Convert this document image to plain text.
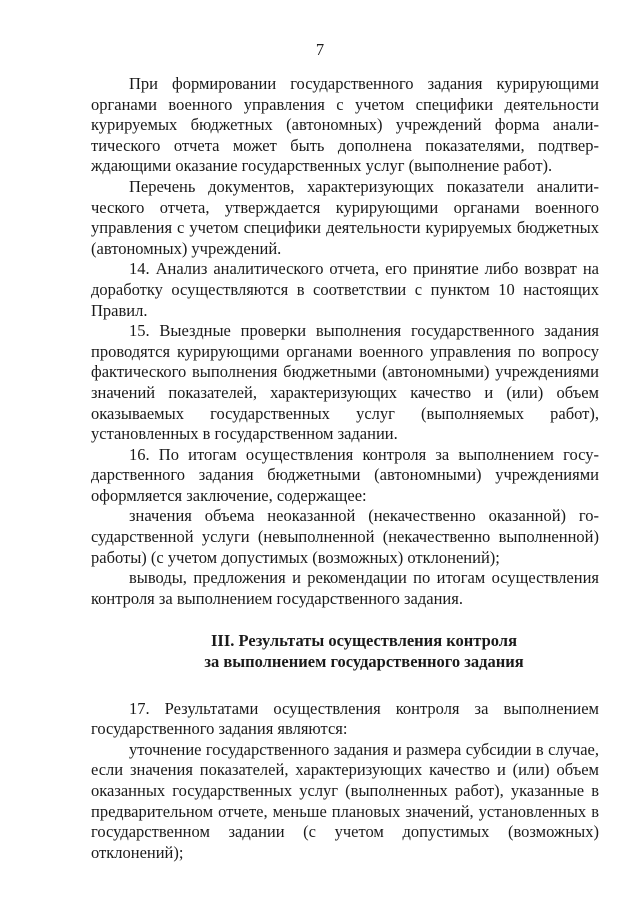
7

При формировании государственного задания курирующими органами военного управления с учетом специфики деятельности курируемых бюджетных (автономных) учреждений форма аналитического отчета может быть дополнена показателями, подтверждающими оказание государственных услуг (выполнение работ).

Перечень документов, характеризующих показатели аналитического отчета, утверждается курирующими органами военного управления с учетом специфики деятельности курируемых бюджетных (автономных) учреждений.

14. Анализ аналитического отчета, его принятие либо возврат на доработку осуществляются в соответствии с пунктом 10 настоящих Правил.

15. Выездные проверки выполнения государственного задания проводятся курирующими органами военного управления по вопросу фактического выполнения бюджетными (автономными) учреждениями значений показателей, характеризующих качество и (или) объем оказываемых государственных услуг (выполняемых работ), установленных в государственном задании.

16. По итогам осуществления контроля за выполнением государственного задания бюджетными (автономными) учреждениями оформляется заключение, содержащее:

значения объема неоказанной (некачественно оказанной) государственной услуги (невыполненной (некачественно выполненной) работы) (с учетом допустимых (возможных) отклонений);

выводы, предложения и рекомендации по итогам осуществления контроля за выполнением государственного задания.

III. Результаты осуществления контроля

за выполнением государственного задания

17. Результатами осуществления контроля за выполнением государственного задания являются:

уточнение государственного задания и размера субсидии в случае, если значения показателей, характеризующих качество и (или) объем оказанных государственных услуг (выполненных работ), указанные в предварительном отчете, меньше плановых значений, установленных в государственном задании (с учетом допустимых (возможных) отклонений);
